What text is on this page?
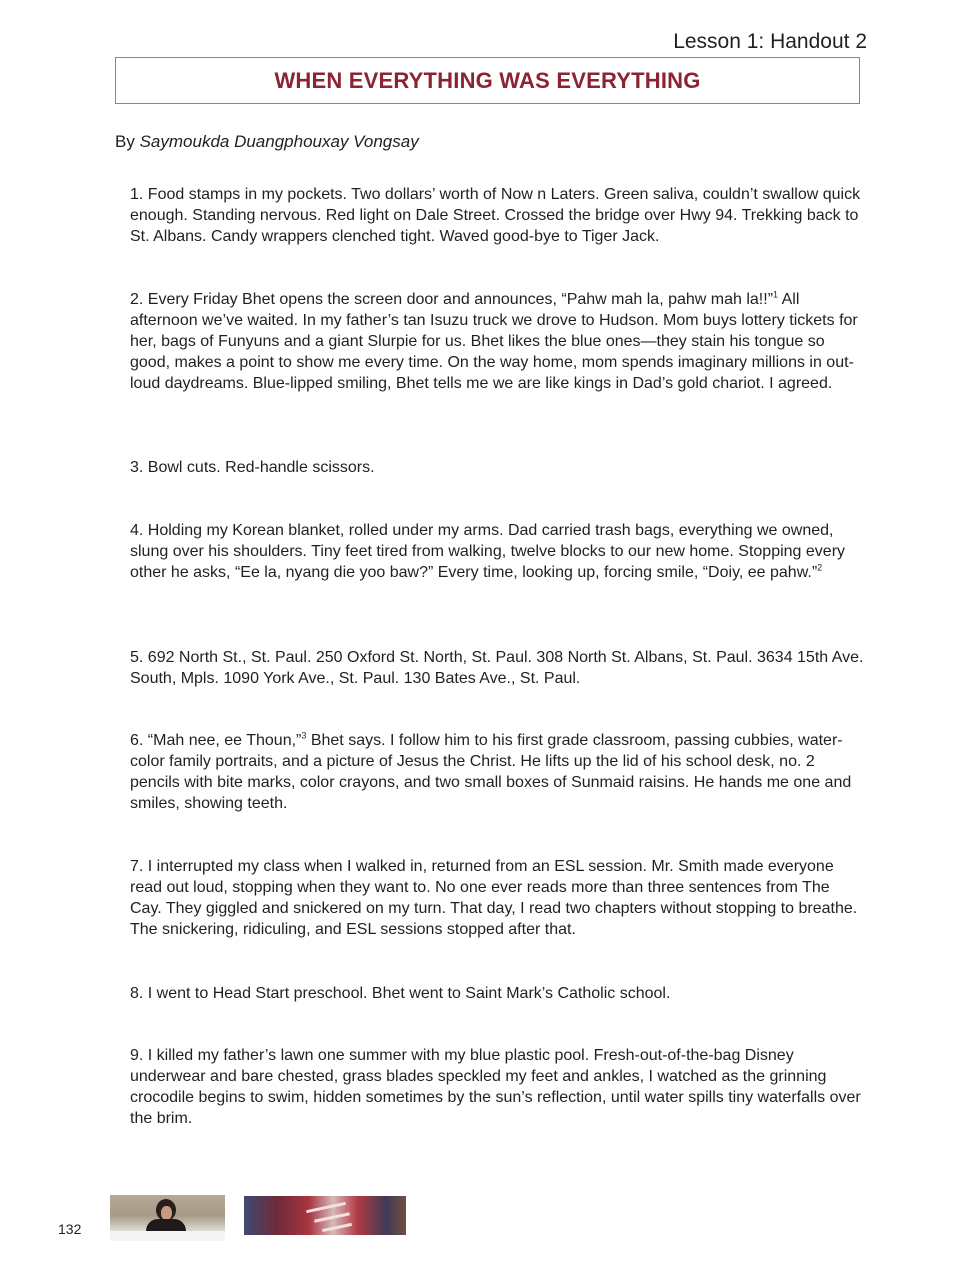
Lesson 1: Handout 2
WHEN EVERYTHING WAS EVERYTHING
By Saymoukda Duangphouxay Vongsay

1. Food stamps in my pockets. Two dollars’ worth of Now n Laters. Green saliva, couldn’t swallow quick enough. Standing nervous. Red light on Dale Street. Crossed the bridge over Hwy 94. Trekking back to St. Albans. Candy wrappers clenched tight. Waved good-bye to Tiger Jack.

2. Every Friday Bhet opens the screen door and announces, “Pahw mah la, pahw mah la!!”$^1$ All afternoon we’ve waited. In my father’s tan Isuzu truck we drove to Hudson. Mom buys lottery tickets for her, bags of Funyuns and a giant Slurpie for us. Bhet likes the blue ones—they stain his tongue so good, makes a point to show me every time. On the way home, mom spends imaginary millions in out-loud daydreams. Blue-lipped smiling, Bhet tells me we are like kings in Dad’s gold chariot. I agreed.

3. Bowl cuts. Red-handle scissors.

4. Holding my Korean blanket, rolled under my arms. Dad carried trash bags, everything we owned, slung over his shoulders. Tiny feet tired from walking, twelve blocks to our new home. Stopping every other he asks, “Ee la, nyang die yoo baw?” Every time, looking up, forcing smile, “Doiy, ee pahw.”$^2$

5. 692 North St., St. Paul. 250 Oxford St. North, St. Paul. 308 North St. Albans, St. Paul. 3634 15th Ave. South, Mpls. 1090 York Ave., St. Paul. 130 Bates Ave., St. Paul.

6. “Mah nee, ee Thoun,”$^3$ Bhet says. I follow him to his first grade classroom, passing cubbies, water-color family portraits, and a picture of Jesus the Christ. He lifts up the lid of his school desk, no. 2 pencils with bite marks, color crayons, and two small boxes of Sunmaid raisins. He hands me one and smiles, showing teeth.

7. I interrupted my class when I walked in, returned from an ESL session. Mr. Smith made everyone read out loud, stopping when they want to. No one ever reads more than three sentences from The Cay. They giggled and snickered on my turn. That day, I read two chapters without stopping to breathe. The snickering, ridiculing, and ESL sessions stopped after that.

8. I went to Head Start preschool. Bhet went to Saint Mark’s Catholic school.

9. I killed my father’s lawn one summer with my blue plastic pool. Fresh-out-of-the-bag Disney underwear and bare chested, grass blades speckled my feet and ankles, I watched as the grinning crocodile begins to swim, hidden sometimes by the sun’s reflection, until water spills tiny waterfalls over the brim.

132
